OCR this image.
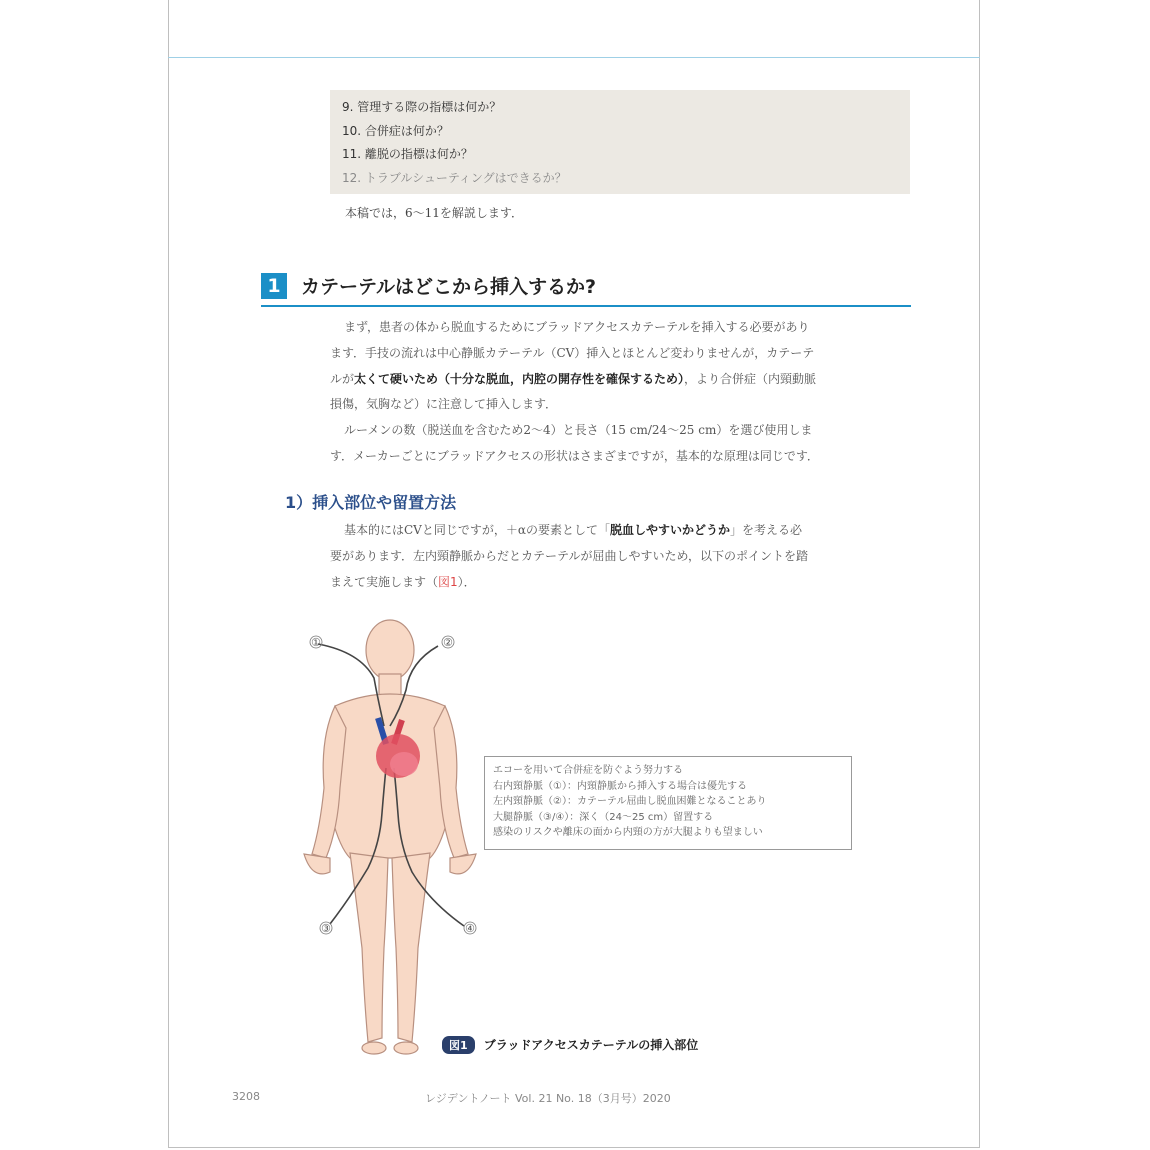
9. 管理する際の指標は何か？
10. 合併症は何か？
11. 離脱の指標は何か？
12. トラブルシューティングはできるか？
本稿では，6〜11を解説します．
1	カテーテルはどこから挿入するか?
まず，患者の体から脱血するためにブラッドアクセスカテーテルを挿入する必要があり
ます．手技の流れは中心静脈カテーテル（CV）挿入とほとんど変わりませんが，カテーテ
ルが太くて硬いため（十分な脱血，内腔の開存性を確保するため），より合併症（内頸動脈
損傷，気胸など）に注意して挿入します．
ルーメンの数（脱送血を含むため2〜4）と長さ（15 cm/24〜25 cm）を選び使用しま
す．メーカーごとにブラッドアクセスの形状はさまざまですが，基本的な原理は同じです．
1）挿入部位や留置方法
基本的にはCVと同じですが，＋αの要素として「脱血しやすいかどうか」を考える必
要があります．左内頸静脈からだとカテーテルが屈曲しやすいため，以下のポイントを踏
まえて実施します（図1）．
①	②
③	④
エコーを用いて合併症を防ぐよう努力する
右内頸静脈（①）：内頸静脈から挿入する場合は優先する
左内頸静脈（②）：カテーテル屈曲し脱血困難となることあり
大腿静脈（③/④）：深く（24〜25 cm）留置する
感染のリスクや離床の面から内頸の方が大腿よりも望ましい
図1 ブラッドアクセスカテーテルの挿入部位
3208	レジデントノート Vol. 21 No. 18（3月号）2020
